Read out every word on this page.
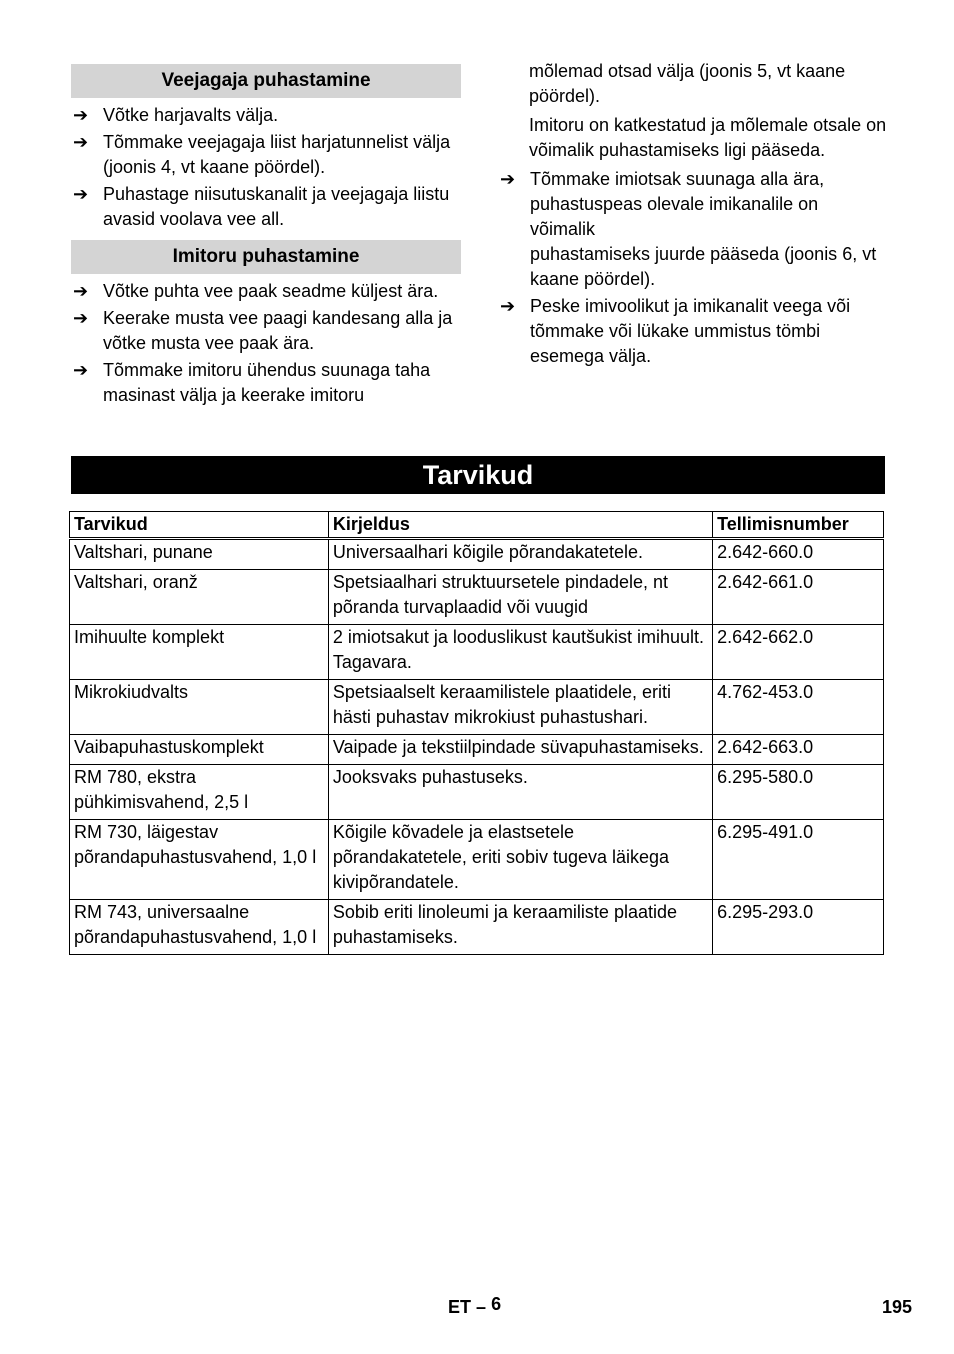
Veejagaja puhastamine
➔ Võtke harjavalts välja.
➔ Tõmmake veejagaja liist harjatunnelist välja (joonis 4, vt kaane pöördel).
➔ Puhastage niisutuskanalit ja veejagaja liistu avasid voolava vee all.
Imitoru puhastamine
➔ Võtke puhta vee paak seadme küljest ära.
➔ Keerake musta vee paagi kandesang alla ja võtke musta vee paak ära.
➔ Tõmmake imitoru ühendus suunaga taha masinast välja ja keerake imitoru

mõlemad otsad välja (joonis 5, vt kaane pöördel).

Imitoru on katkestatud ja mõlemale otsale on võimalik puhastamiseks ligi pääseda.

➔ Tõmmake imiotsak suunaga alla ära, puhastuspeas olevale imikanalile on võimalik
puhastamiseks juurde pääseda (joonis 6, vt kaane pöördel).
➔ Peske imivoolikut ja imikanalit veega või tõmmake või lükake ummistus tömbi esemega välja.
Tarvikud
Tarvikud	Kirjeldus	Tellimisnumber
Valtshari, punane	Universaalhari kõigile põrandakatetele.	2.642-660.0
Valtshari, oranž	Spetsiaalhari struktuursetele pindadele, nt põranda turvaplaadid või vuugid	2.642-661.0
Imihuulte komplekt	2 imiotsakut ja looduslikust kautšukist imihuult. Tagavara.	2.642-662.0
Mikrokiudvalts	Spetsiaalselt keraamilistele plaatidele, eriti hästi puhastav mikrokiust puhastushari.	4.762-453.0
Vaibapuhastuskomplekt	Vaipade ja tekstiilpindade süvapuhastamiseks.	2.642-663.0
RM 780, ekstra pühkimisvahend, 2,5 l	Jooksvaks puhastuseks.	6.295-580.0
RM 730, läigestav põrandapuhastusvahend, 1,0 l	Kõigile kõvadele ja elastsetele põrandakatetele, eriti sobiv tugeva läikega kivipõrandatele.	6.295-491.0
RM 743, universaalne põrandapuhastusvahend, 1,0 l	Sobib eriti linoleumi ja keraamiliste plaatide puhastamiseks.	6.295-293.0
ET – 6	195
